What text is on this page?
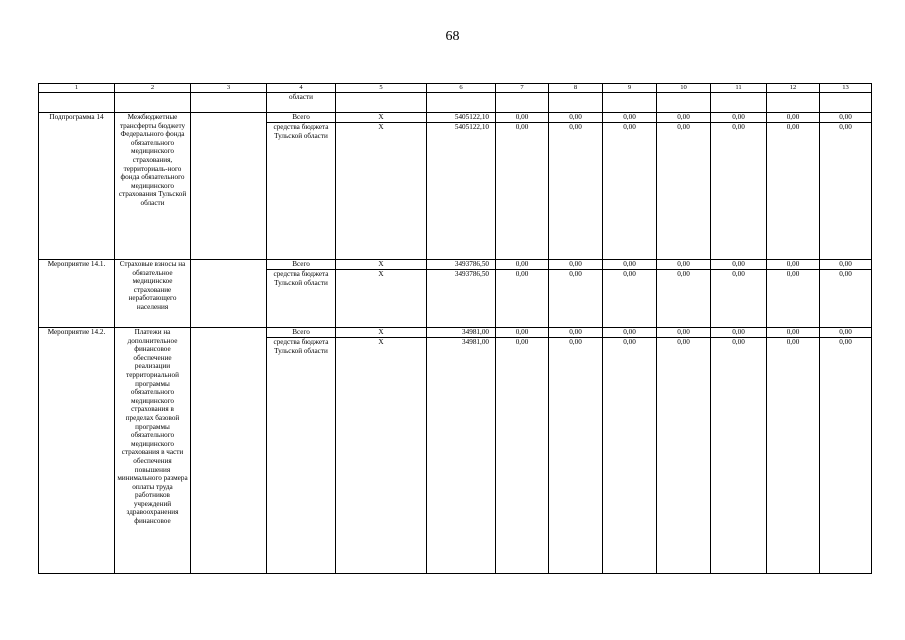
68
1	2	3	4	5	6	7	8	9	10	11	12	13
			области									
Подпрограмма 14	Межбюджетные трансферты бюджету Федерального фонда обязательного медицинского страхования, территориаль-ного фонда обязательного медицинского страхования Тульской области		Всего	X	5405122,10	0,00	0,00	0,00	0,00	0,00	0,00	0,00
			средства бюджета Тульской области	X	5405122,10	0,00	0,00	0,00	0,00	0,00	0,00	0,00
Мероприятие 14.1.	Страховые взносы на обязательное медицинское страхование неработающего населения		Всего	X	3493786,50	0,00	0,00	0,00	0,00	0,00	0,00	0,00
			средства бюджета Тульской области	X	3493786,50	0,00	0,00	0,00	0,00	0,00	0,00	0,00
Мероприятие 14.2.	Платежи на дополнительное финансовое обеспечение реализации территориальной программы обязательного медицинского страхования в пределах базовой программы обязательного медицинского страхования в части обеспечения повышения минимального размера оплаты труда работников учреждений здравоохранения финансовое		Всего	X	34981,00	0,00	0,00	0,00	0,00	0,00	0,00	0,00
			средства бюджета Тульской области	X	34981,00	0,00	0,00	0,00	0,00	0,00	0,00	0,00
